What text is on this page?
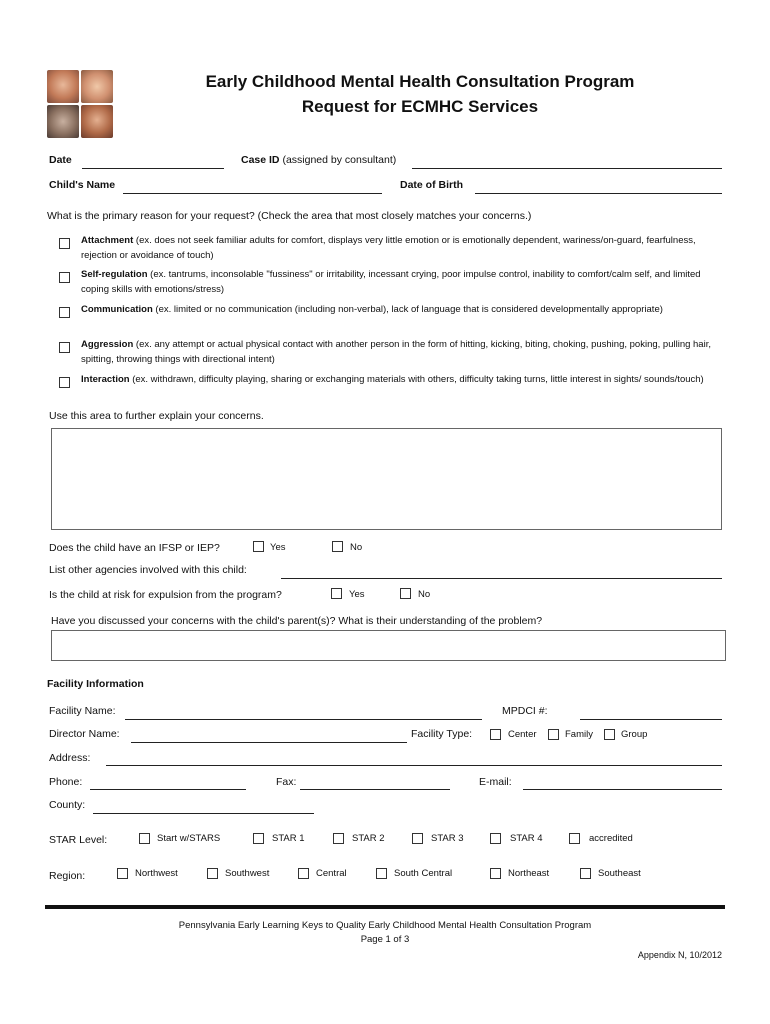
Early Childhood Mental Health Consultation Program
Request for ECMHC Services
Date	Case ID (assigned by consultant)
Child's Name	Date of Birth
What is the primary reason for your request? (Check the area that most closely matches your concerns.)
Attachment (ex. does not seek familiar adults for comfort, displays very little emotion or is emotionally dependent, wariness/on-guard, fearfulness, rejection or avoidance of touch)
Self-regulation (ex. tantrums, inconsolable "fussiness" or irritability, incessant crying, poor impulse control, inability to comfort/calm self, and limited coping skills with emotions/stress)
Communication (ex. limited or no communication (including non-verbal), lack of language that is considered developmentally appropriate)
Aggression (ex. any attempt or actual physical contact with another person in the form of hitting, kicking, biting, choking, pushing, poking, pulling hair, spitting, throwing things with directional intent)
Interaction (ex. withdrawn, difficulty playing, sharing or exchanging materials with others, difficulty taking turns, little interest in sights/ sounds/touch)
Use this area to further explain your concerns.
Does the child have an IFSP or IEP?	Yes	No
List other agencies involved with this child:
Is the child at risk for expulsion from the program?	Yes	No
Have you discussed your concerns with the child's parent(s)? What is their understanding of the problem?
Facility Information
Facility Name:	MPDCI #:
Director Name:	Facility Type:	Center	Family	Group
Address:
Phone:	Fax:	E-mail:
County:
STAR Level:	Start w/STARS	STAR 1	STAR 2	STAR 3	STAR 4	accredited
Region:	Northwest	Southwest	Central	South Central	Northeast	Southeast
Pennsylvania Early Learning Keys to Quality Early Childhood Mental Health Consultation Program
Page 1 of 3
Appendix N, 10/2012
